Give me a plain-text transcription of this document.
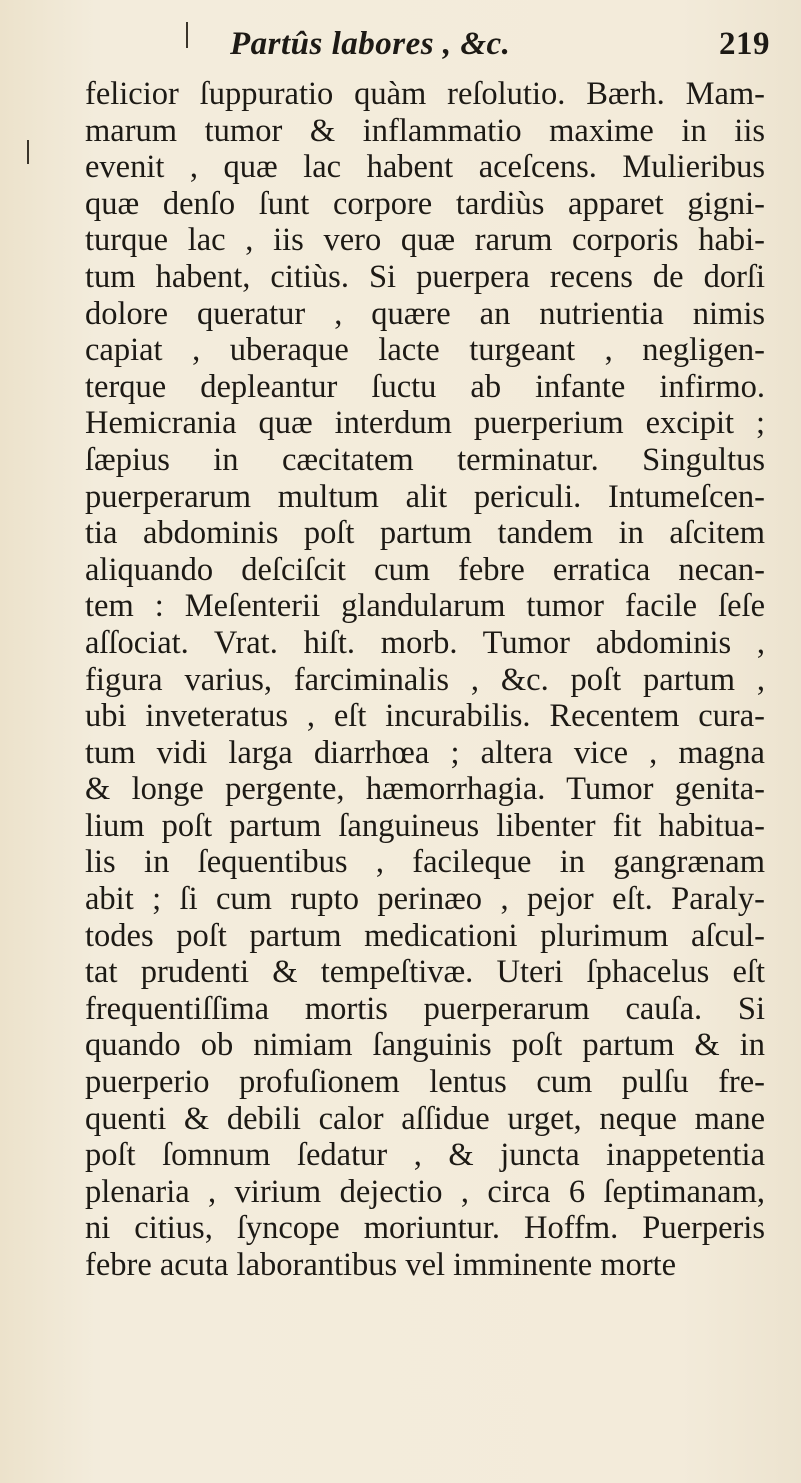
Partûs labores , &c.	219
felicior ſuppuratio quàm reſolutio. Bærh. Mam-
marum tumor & inflammatio maxime in iis
evenit , quæ lac habent aceſcens. Mulieribus
quæ denſo ſunt corpore tardiùs apparet gigni-
turque lac , iis vero quæ rarum corporis habi-
tum habent, citiùs. Si puerpera recens de dorſi
dolore queratur , quære an nutrientia nimis
capiat , uberaque lacte turgeant , negligen-
terque depleantur ſuctu ab infante infirmo.
Hemicrania quæ interdum puerperium excipit ;
ſæpius in cæcitatem terminatur. Singultus
puerperarum multum alit periculi. Intumeſcen-
tia abdominis poſt partum tandem in aſcitem
aliquando deſciſcit cum febre erratica necan-
tem : Meſenterii glandularum tumor facile ſeſe
aſſociat. Vrat. hiſt. morb. Tumor abdominis ,
figura varius, farciminalis , &c. poſt partum ,
ubi inveteratus , eſt incurabilis. Recentem cura-
tum vidi larga diarrhœa ; altera vice , magna
& longe pergente, hæmorrhagia. Tumor genita-
lium poſt partum ſanguineus libenter fit habitua-
lis in ſequentibus , facileque in gangrænam
abit ; ſi cum rupto perinæo , pejor eſt. Paraly-
todes poſt partum medicationi plurimum aſcul-
tat prudenti & tempeſtivæ. Uteri ſphacelus eſt
frequentiſſima mortis puerperarum cauſa. Si
quando ob nimiam ſanguinis poſt partum & in
puerperio profuſionem lentus cum pulſu fre-
quenti & debili calor aſſidue urget, neque mane
poſt ſomnum ſedatur , & juncta inappetentia
plenaria , virium dejectio , circa 6 ſeptimanam,
ni citius, ſyncope moriuntur. Hoffm. Puerperis
febre acuta laborantibus vel imminente morte
